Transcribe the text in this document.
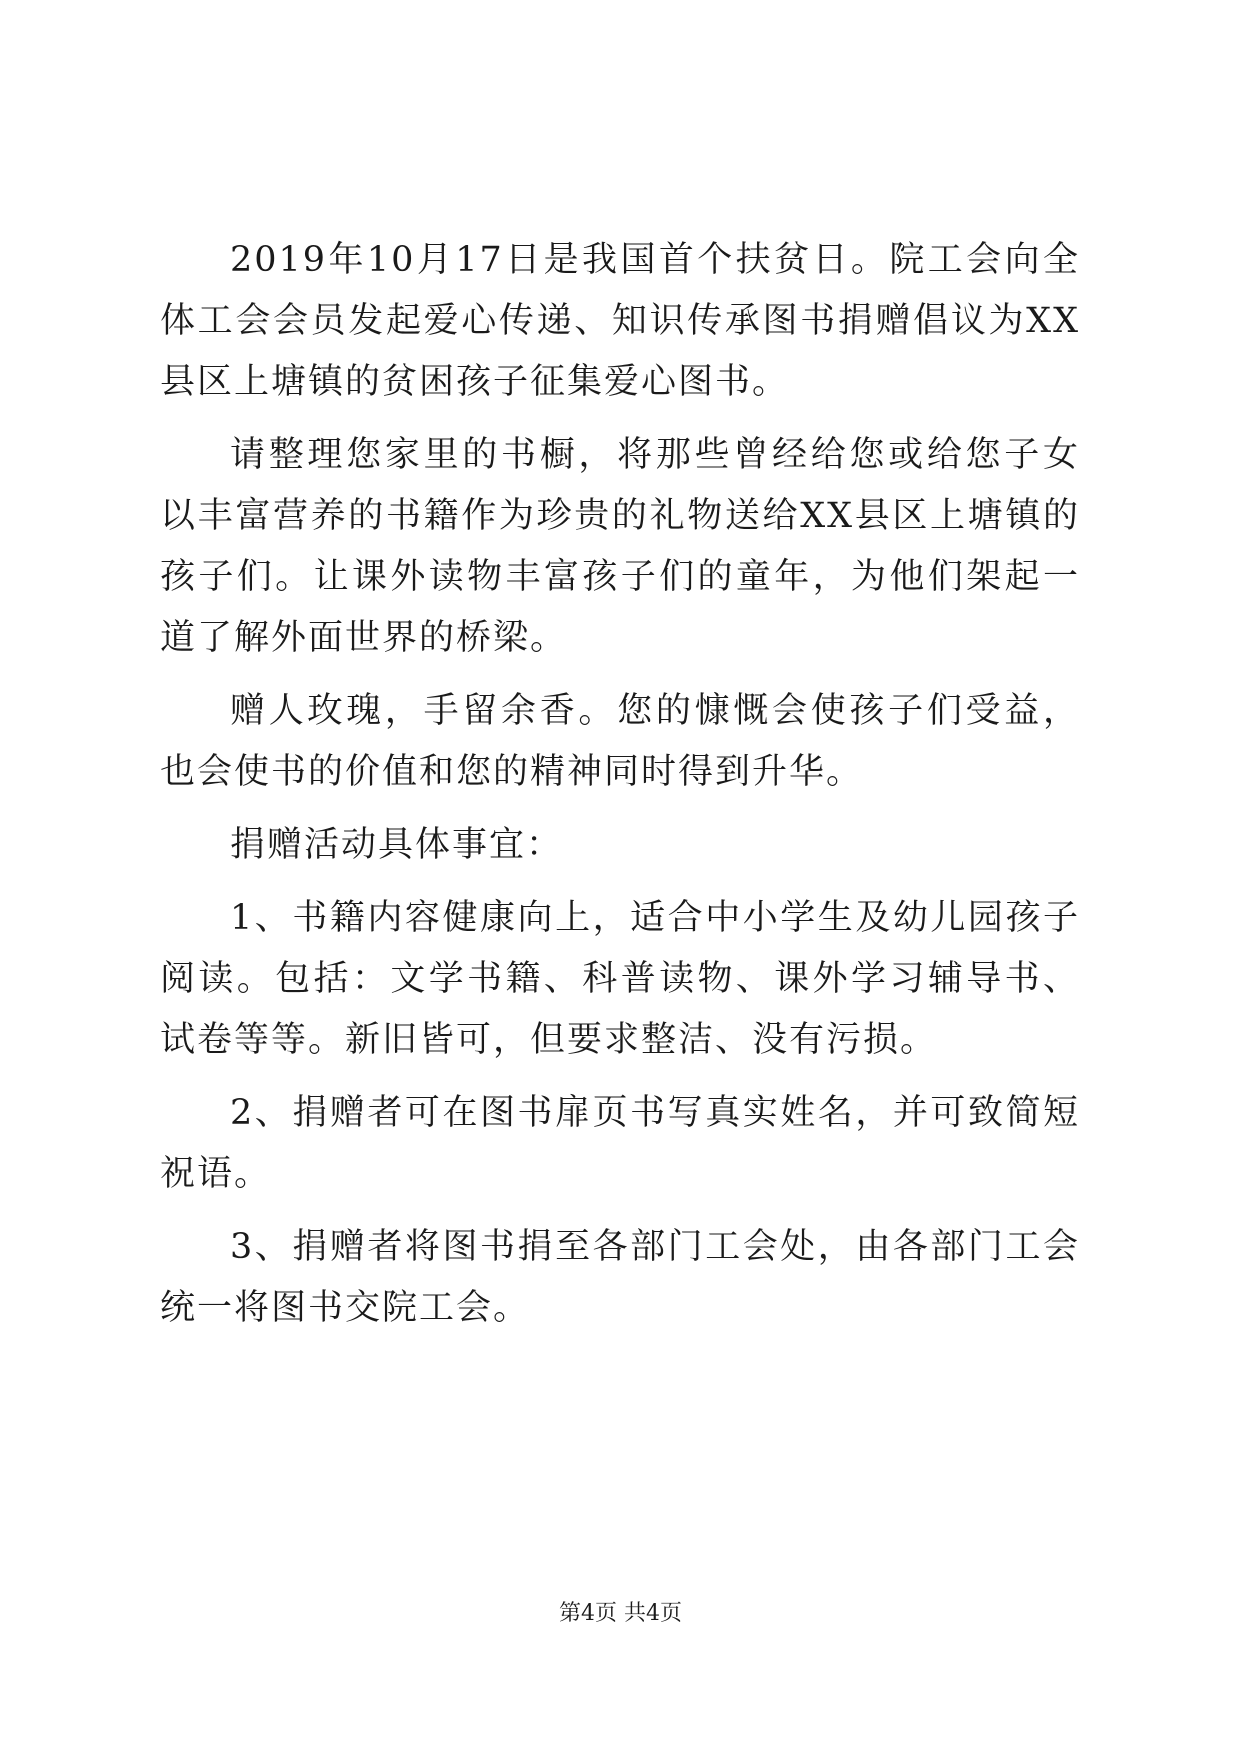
2019年10月17日是我国首个扶贫日。院工会向全体工会会员发起爱心传递、知识传承图书捐赠倡议为XX县区上塘镇的贫困孩子征集爱心图书。

请整理您家里的书橱，将那些曾经给您或给您子女以丰富营养的书籍作为珍贵的礼物送给XX县区上塘镇的孩子们。让课外读物丰富孩子们的童年，为他们架起一道了解外面世界的桥梁。

赠人玫瑰，手留余香。您的慷慨会使孩子们受益，也会使书的价值和您的精神同时得到升华。

捐赠活动具体事宜：

1、书籍内容健康向上，适合中小学生及幼儿园孩子阅读。包括：文学书籍、科普读物、课外学习辅导书、试卷等等。新旧皆可，但要求整洁、没有污损。

2、捐赠者可在图书扉页书写真实姓名，并可致简短祝语。

3、捐赠者将图书捐至各部门工会处，由各部门工会统一将图书交院工会。

第4页 共4页
